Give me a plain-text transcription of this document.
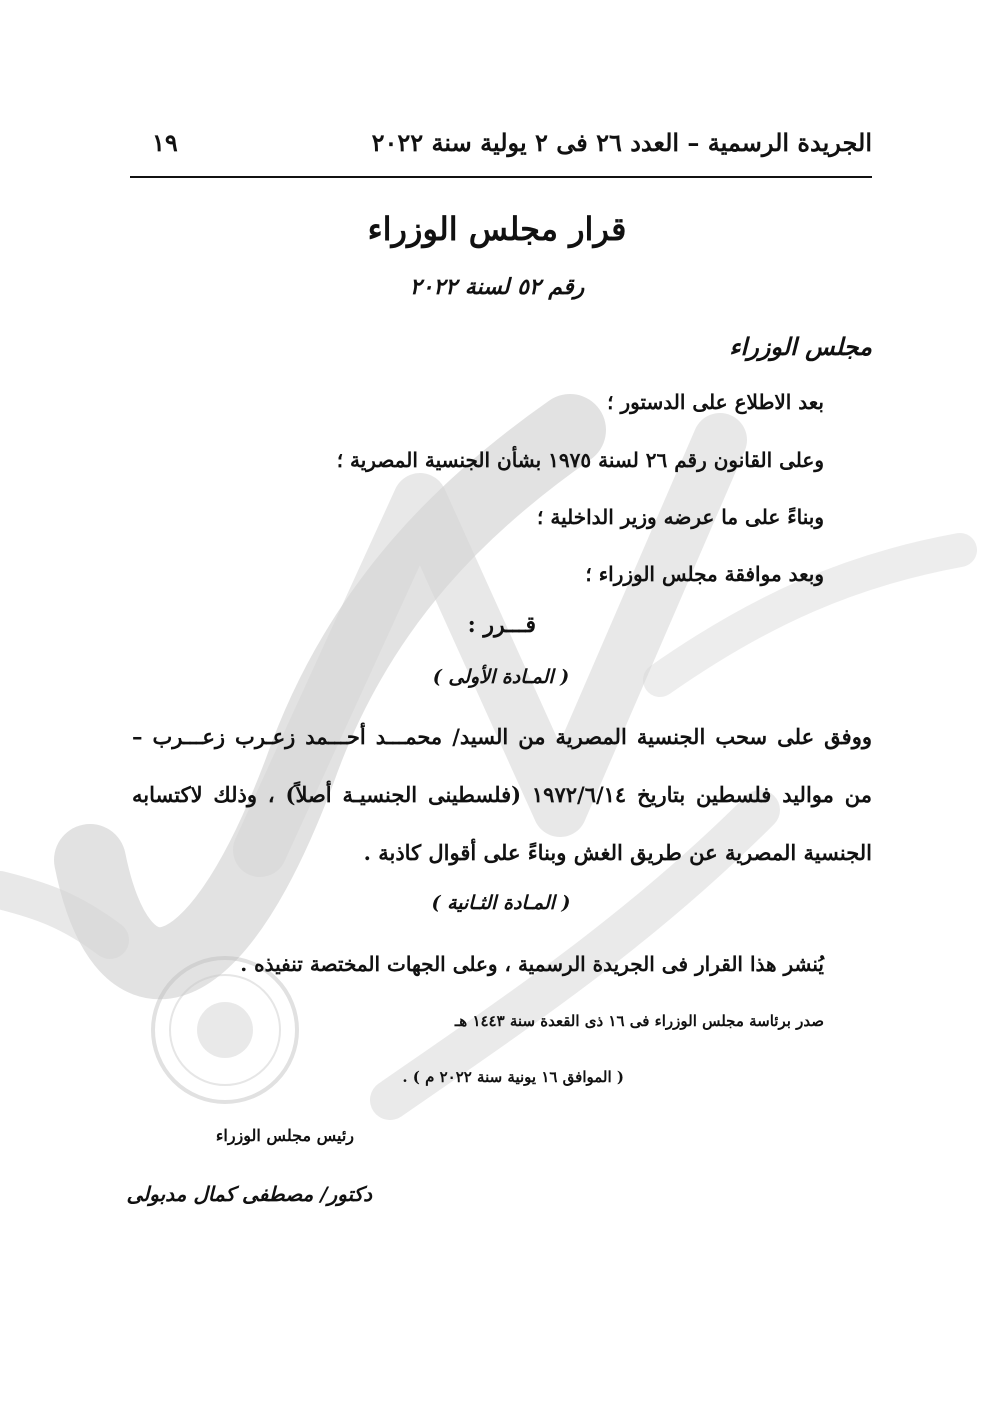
الجريدة الرسمية – العدد ٢٦ فى ٢ يولية سنة ٢٠٢٢
١٩
قرار مجلس الوزراء
رقم ٥٢ لسنة ٢٠٢٢
مجلس الوزراء
بعد الاطلاع على الدستور ؛
وعلى القانون رقم ٢٦ لسنة ١٩٧٥ بشأن الجنسية المصرية ؛
وبناءً على ما عرضه وزير الداخلية ؛
وبعد موافقة مجلس الوزراء ؛
قـــرر :
( المـادة الأولى )
ووفق على سحب الجنسية المصرية من السيد/ محمـــد أحـــمد زعـرب زعـــرب –
من مواليد فلسطين بتاريخ ١٩٧٢/٦/١٤ (فلسطينى الجنسيـة أصلاً) ، وذلك لاكتسابه
الجنسية المصرية عن طريق الغش وبناءً على أقوال كاذبة .
( المـادة الثـانية )
يُنشر هذا القرار فى الجريدة الرسمية ، وعلى الجهات المختصة تنفيذه .
صدر برئاسة مجلس الوزراء فى ١٦ ذى القعدة سنة ١٤٤٣ هـ
( الموافق ١٦ يونية سنة ٢٠٢٢ م ) .
رئيس مجلس الوزراء
دكتور/ مصطفى كمال مدبولى
